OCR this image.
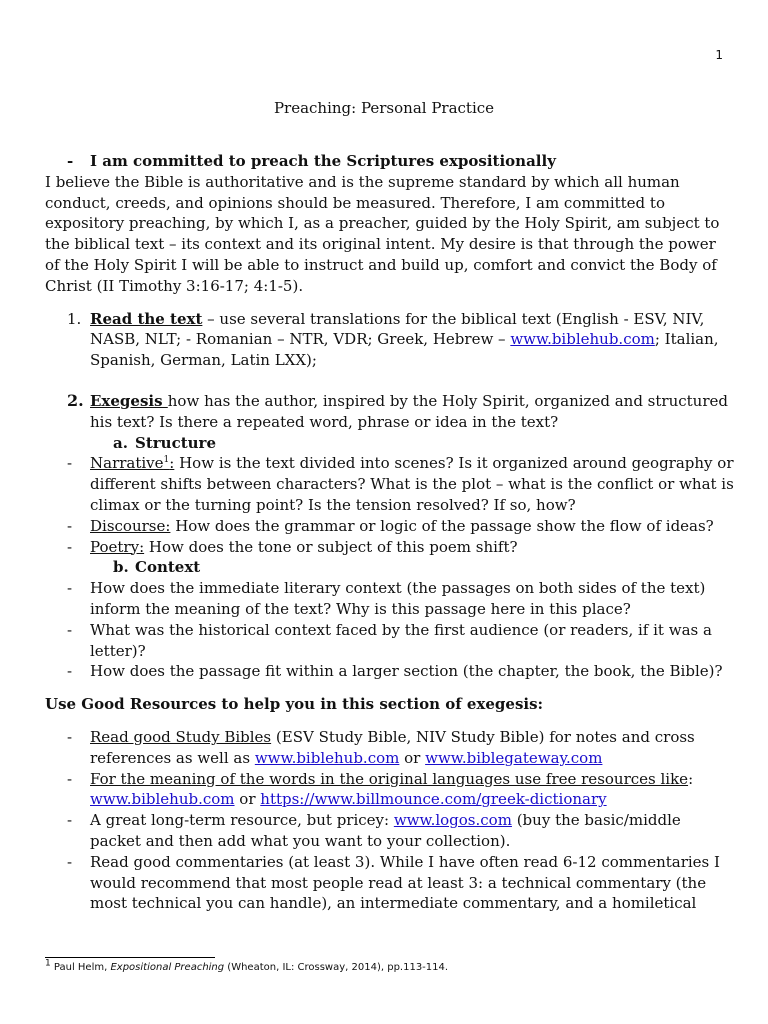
1
Preaching: Personal Practice
- I am committed to preach the Scriptures expositionally

I believe the Bible is authoritative and is the supreme standard by which all human conduct, creeds, and opinions should be measured. Therefore, I am committed to expository preaching, by which I, as a preacher, guided by the Holy Spirit, am subject to the biblical text – its context and its original intent. My desire is that through the power of the Holy Spirit I will be able to instruct and build up, comfort and convict the Body of Christ (II Timothy 3:16-17; 4:1-5).

1. Read the text – use several translations for the biblical text (English - ESV, NIV, NASB, NLT; - Romanian – NTR, VDR; Greek, Hebrew – www.biblehub.com; Italian, Spanish, German, Latin LXX);
2. Exegesis how has the author, inspired by the Holy Spirit, organized and structured his text? Is there a repeated word, phrase or idea in the text?
a. Structure
- Narrative$^1$: How is the text divided into scenes? Is it organized around geography or different shifts between characters? What is the plot – what is the conflict or what is climax or the turning point? Is the tension resolved? If so, how?
- Discourse: How does the grammar or logic of the passage show the flow of ideas?
- Poetry: How does the tone or subject of this poem shift?
b. Context
- How does the immediate literary context (the passages on both sides of the text) inform the meaning of the text? Why is this passage here in this place?
- What was the historical context faced by the first audience (or readers, if it was a letter)?
- How does the passage fit within a larger section (the chapter, the book, the Bible)?
Use Good Resources to help you in this section of exegesis:
- Read good Study Bibles (ESV Study Bible, NIV Study Bible) for notes and cross references as well as www.biblehub.com or www.biblegateway.com
- For the meaning of the words in the original languages use free resources like: www.biblehub.com or https://www.billmounce.com/greek-dictionary
- A great long-term resource, but pricey: www.logos.com (buy the basic/middle packet and then add what you want to your collection).
- Read good commentaries (at least 3). While I have often read 6-12 commentaries I would recommend that most people read at least 3: a technical commentary (the most technical you can handle), an intermediate commentary, and a homiletical
$^1$ Paul Helm, Expositional Preaching (Wheaton, IL: Crossway, 2014), pp.113-114.
